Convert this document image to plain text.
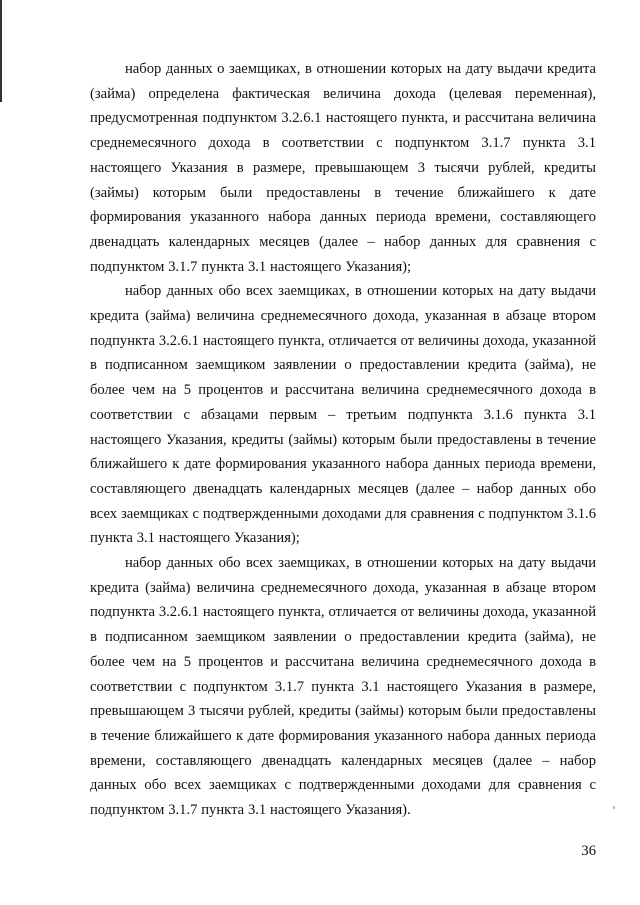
набор данных о заемщиках, в отношении которых на дату выдачи кредита (займа) определена фактическая величина дохода (целевая переменная), предусмотренная подпунктом 3.2.6.1 настоящего пункта, и рассчитана величина среднемесячного дохода в соответствии с подпунктом 3.1.7 пункта 3.1 настоящего Указания в размере, превышающем 3 тысячи рублей, кредиты (займы) которым были предоставлены в течение ближайшего к дате формирования указанного набора данных периода времени, составляющего двенадцать календарных месяцев (далее – набор данных для сравнения с подпунктом 3.1.7 пункта 3.1 настоящего Указания);

набор данных обо всех заемщиках, в отношении которых на дату выдачи кредита (займа) величина среднемесячного дохода, указанная в абзаце втором подпункта 3.2.6.1 настоящего пункта, отличается от величины дохода, указанной в подписанном заемщиком заявлении о предоставлении кредита (займа), не более чем на 5 процентов и рассчитана величина среднемесячного дохода в соответствии с абзацами первым – третьим подпункта 3.1.6 пункта 3.1 настоящего Указания, кредиты (займы) которым были предоставлены в течение ближайшего к дате формирования указанного набора данных периода времени, составляющего двенадцать календарных месяцев (далее – набор данных обо всех заемщиках с подтвержденными доходами для сравнения с подпунктом 3.1.6 пункта 3.1 настоящего Указания);

набор данных обо всех заемщиках, в отношении которых на дату выдачи кредита (займа) величина среднемесячного дохода, указанная в абзаце втором подпункта 3.2.6.1 настоящего пункта, отличается от величины дохода, указанной в подписанном заемщиком заявлении о предоставлении кредита (займа), не более чем на 5 процентов и рассчитана величина среднемесячного дохода в соответствии с подпунктом 3.1.7 пункта 3.1 настоящего Указания в размере, превышающем 3 тысячи рублей, кредиты (займы) которым были предоставлены в течение ближайшего к дате формирования указанного набора данных периода времени, составляющего двенадцать календарных месяцев (далее – набор данных обо всех заемщиках с подтвержденными доходами для сравнения с подпунктом 3.1.7 пункта 3.1 настоящего Указания).

36
